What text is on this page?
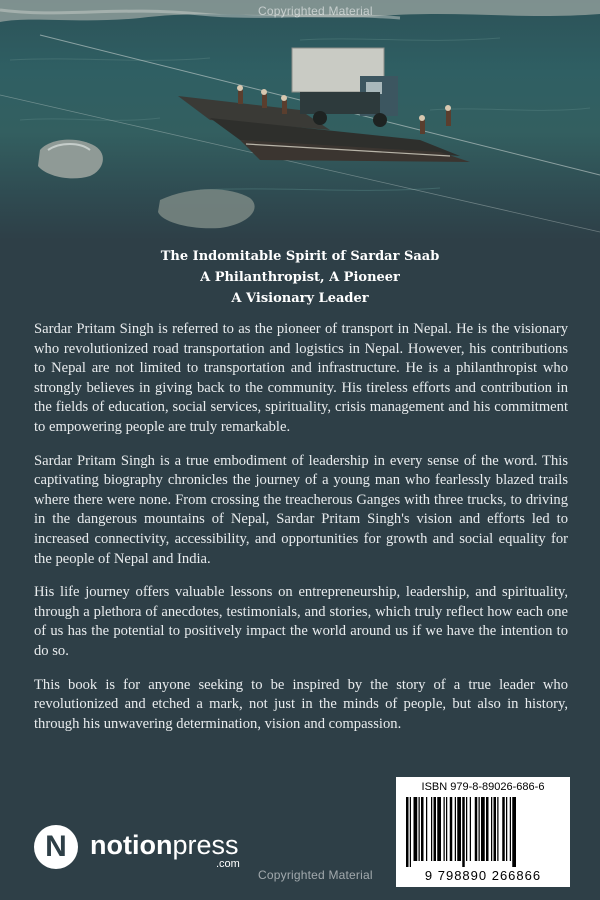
Copyrighted Material
The Indomitable Spirit of Sardar Saab
A Philanthropist, A Pioneer
A Visionary Leader

Sardar Pritam Singh is referred to as the pioneer of transport in Nepal. He is the visionary who revolutionized road transportation and logistics in Nepal. However, his contributions to Nepal are not limited to transportation and infrastructure. He is a philanthropist who strongly believes in giving back to the community. His tireless efforts and contribution in the fields of education, social services, spirituality, crisis management and his commitment to empowering people are truly remarkable.

Sardar Pritam Singh is a true embodiment of leadership in every sense of the word. This captivating biography chronicles the journey of a young man who fearlessly blazed trails where there were none. From crossing the treacherous Ganges with three trucks, to driving in the dangerous mountains of Nepal, Sardar Pritam Singh's vision and efforts led to increased connectivity, accessibility, and opportunities for growth and social equality for the people of Nepal and India.

His life journey offers valuable lessons on entrepreneurship, leadership, and spirituality, through a plethora of anecdotes, testimonials, and stories, which truly reflect how each one of us has the potential to positively impact the world around us if we have the intention to do so.

This book is for anyone seeking to be inspired by the story of a true leader who revolutionized and etched a mark, not just in the minds of people, but also in history, through his unwavering determination, vision and compassion.

N notionpress
.com
ISBN 979-8-89026-686-6
9 798890 266866
Copyrighted Material
